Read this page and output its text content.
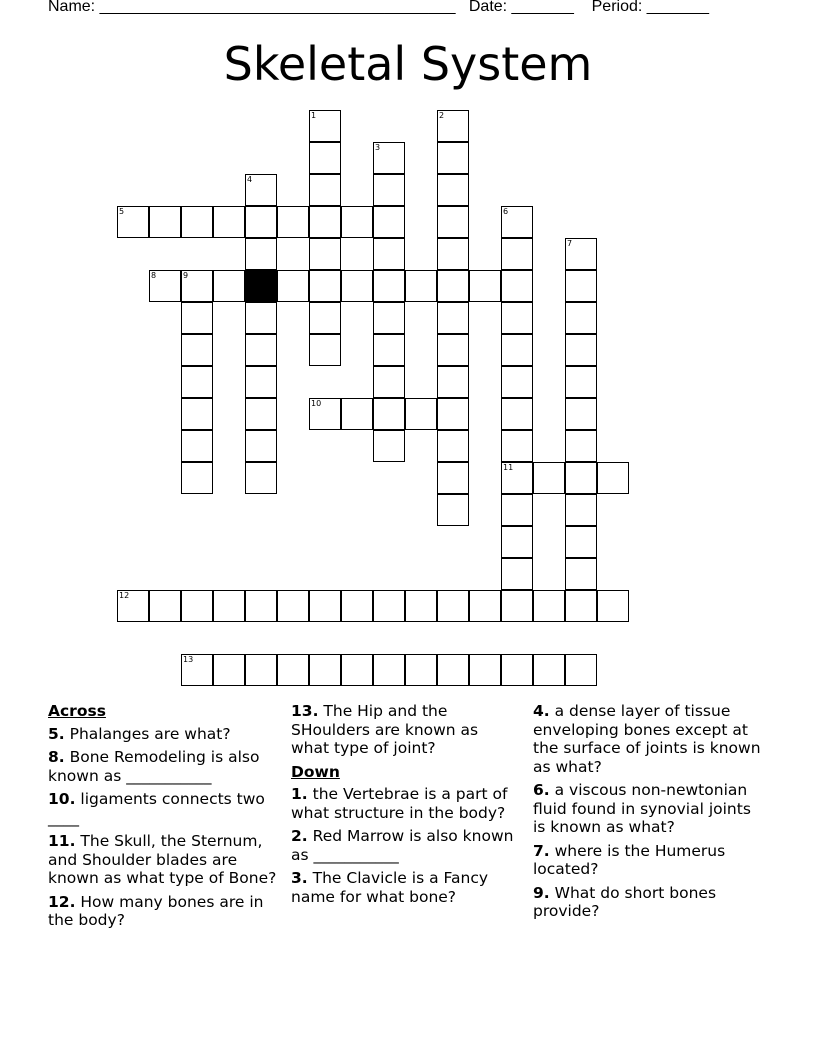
Name: ________________________________________ Date: _______ Period: _______
Skeletal System
1	2
3
4
5	6
11
7
8	9
10
12
13
Across
5. Phalanges are what?
8. Bone Remodeling is also known as ___________
10. ligaments connects two ____
11. The Skull, the Sternum, and Shoulder blades are known as what type of Bone?
12. How many bones are in the body?
13. The Hip and the SHoulders are known as what type of joint?
Down
1. the Vertebrae is a part of what structure in the body?
2. Red Marrow is also known as ___________
3. The Clavicle is a Fancy name for what bone?
4. a dense layer of tissue enveloping bones except at the surface of joints is known as what?
6. a viscous non-newtonian fluid found in synovial joints is known as what?
7. where is the Humerus located?
9. What do short bones provide?
